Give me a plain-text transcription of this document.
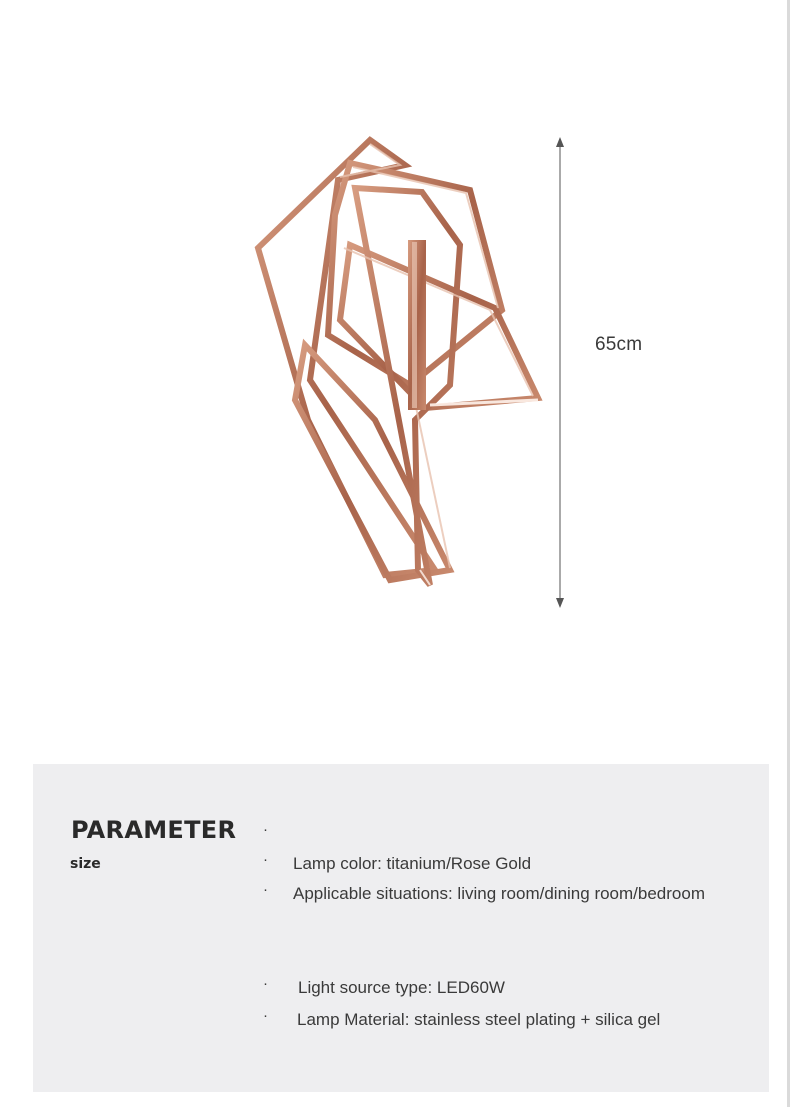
65cm
PARAMETER
size
·
· Lamp color: titanium/Rose Gold
· Applicable situations: living room/dining room/bedroom
· Light source type: LED60W
· Lamp Material: stainless steel plating + silica gel
